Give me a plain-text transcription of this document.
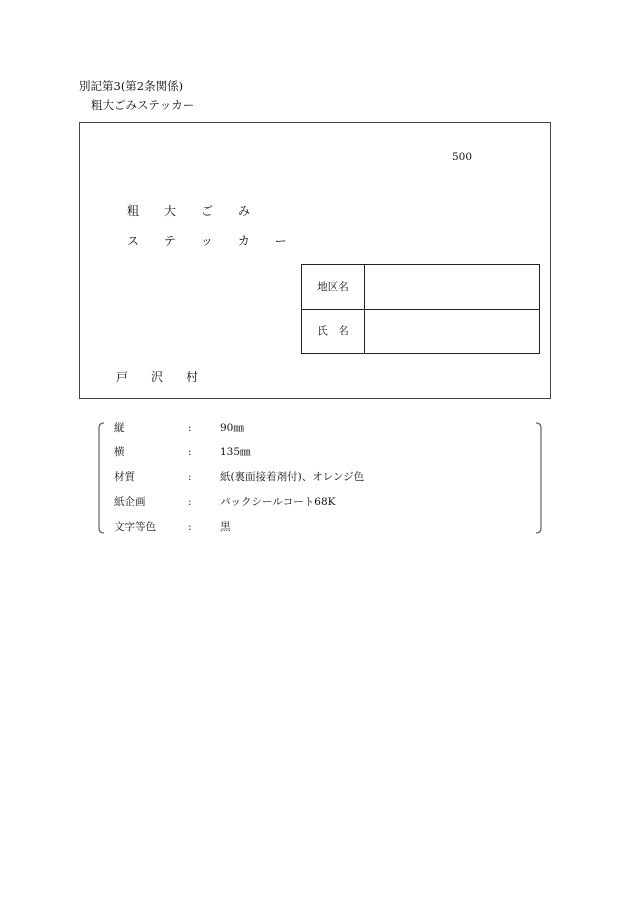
別記第3(第2条関係)
粗大ごみステッカー
500
粗大ごみ
ステッカー
地区名
氏　名
戸沢村
縦	:	90㎜
横	:	135㎜
材質	:	紙(裏面接着剤付)、オレンジ色
紙企画	:	パックシールコート68K
文字等色	:	黒
